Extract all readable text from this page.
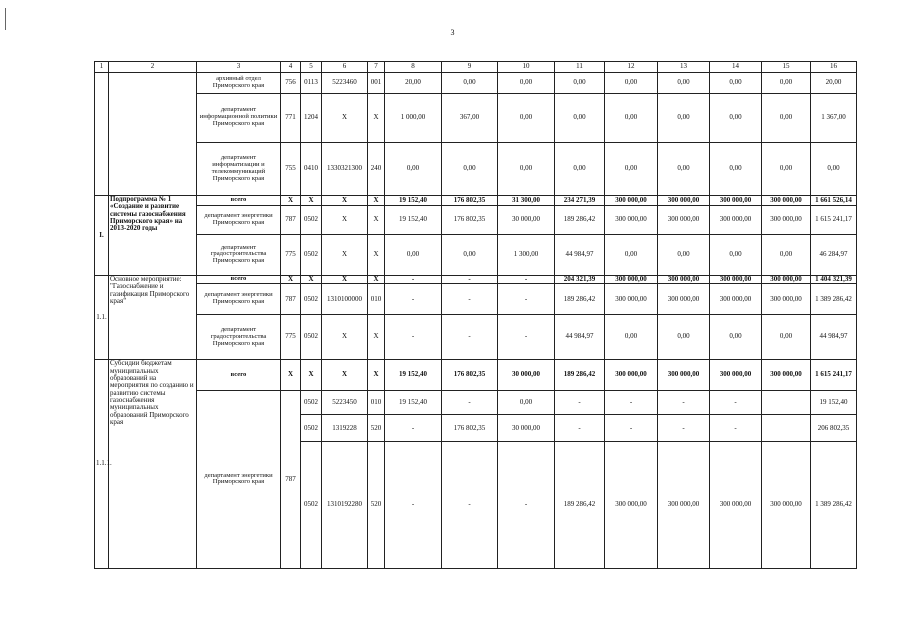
3
1	2	3	4	5	6	7	8	9	10	11	12	13	14	15	16
		архивный отдел Приморского края	756	0113	5223460	001	20,00	0,00	0,00	0,00	0,00	0,00	0,00	0,00	20,00
		департамент информационной политики Приморского края	771	1204	Х	Х	1 000,00	367,00	0,00	0,00	0,00	0,00	0,00	0,00	1 367,00
		департамент информатизации и телекоммуникаций Приморского края	755	0410	1330321300	240	0,00	0,00	0,00	0,00	0,00	0,00	0,00	0,00	0,00
I.	Подпрограмма № 1 «Создание и развитие системы газоснабжения Приморского края» на 2013-2020 годы	всего	Х	Х	Х	Х	19 152,40	176 802,35	31 300,00	234 271,39	300 000,00	300 000,00	300 000,00	300 000,00	1 661 526,14
		департамент энергетики Приморского края	787	0502	Х	Х	19 152,40	176 802,35	30 000,00	189 286,42	300 000,00	300 000,00	300 000,00	300 000,00	1 615 241,17
		департамент градостроительства Приморского края	775	0502	Х	Х	0,00	0,00	1 300,00	44 984,97	0,00	0,00	0,00	0,00	46 284,97
1.1.	Основное мероприятие: "Газоснабжение и газификация Приморского края"	всего	Х	Х	Х	Х	-	-	-	204 321,39	300 000,00	300 000,00	300 000,00	300 000,00	1 404 321,39
		департамент энергетики Приморского края	787	0502	1310100000	010	-	-	-	189 286,42	300 000,00	300 000,00	300 000,00	300 000,00	1 389 286,42
		департамент градостроительства Приморского края	775	0502	Х	Х	-	-	-	44 984,97	0,00	0,00	0,00	0,00	44 984,97
1.1.1.	Субсидии бюджетам муниципальных образований на мероприятия по созданию и развитию системы газоснабжения муниципальных образований Приморского края	всего	Х	Х	Х	Х	19 152,40	176 802,35	30 000,00	189 286,42	300 000,00	300 000,00	300 000,00	300 000,00	1 615 241,17
		департамент энергетики Приморского края	787	0502	5223450	010	19 152,40	-	0,00	-	-	-	-		19 152,40
				0502	1319228	520	-	176 802,35	30 000,00	-	-	-	-		206 802,35
				0502	1310192280	520	-	-	-	189 286,42	300 000,00	300 000,00	300 000,00	300 000,00	1 389 286,42
